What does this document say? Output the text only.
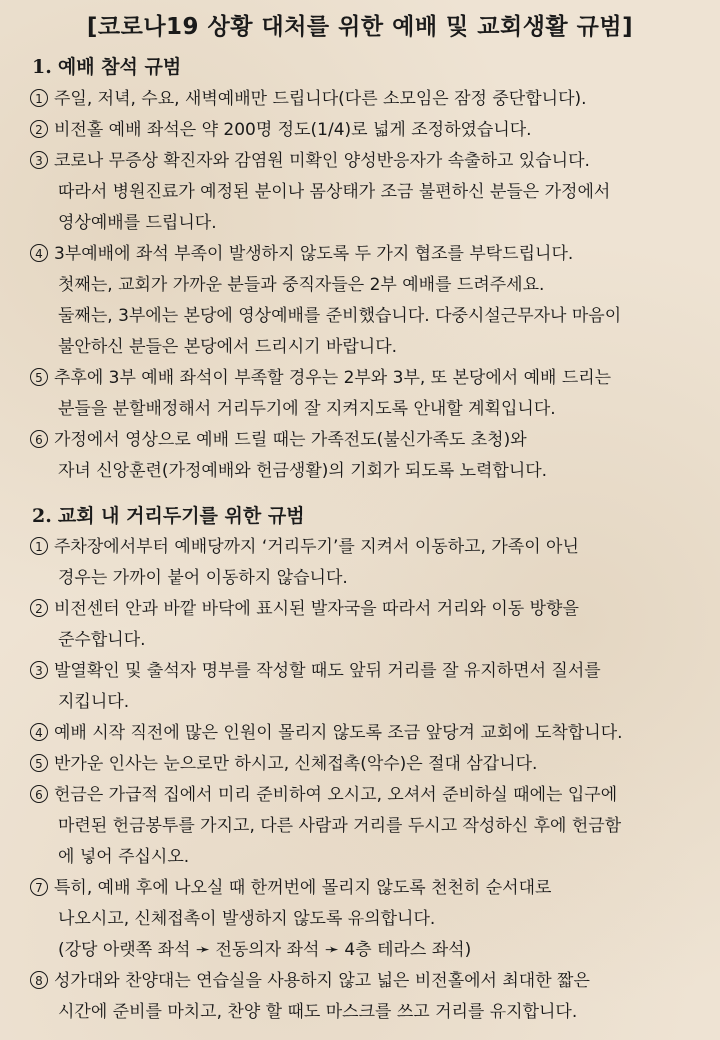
[코로나19 상황 대처를 위한 예배 및 교회생활 규범]
1. 예배 참석 규범
1 주일, 저녁, 수요, 새벽예배만 드립니다(다른 소모임은 잠정 중단합니다).
2 비전홀 예배 좌석은 약 200명 정도(1/4)로 넓게 조정하였습니다.
3 코로나 무증상 확진자와 감염원 미확인 양성반응자가 속출하고 있습니다.
따라서 병원진료가 예정된 분이나 몸상태가 조금 불편하신 분들은 가정에서
영상예배를 드립니다.
4 3부예배에 좌석 부족이 발생하지 않도록 두 가지 협조를 부탁드립니다.
첫째는, 교회가 가까운 분들과 중직자들은 2부 예배를 드려주세요.
둘째는, 3부에는 본당에 영상예배를 준비했습니다. 다중시설근무자나 마음이
불안하신 분들은 본당에서 드리시기 바랍니다.
5 추후에 3부 예배 좌석이 부족할 경우는 2부와 3부, 또 본당에서 예배 드리는
분들을 분할배정해서 거리두기에 잘 지켜지도록 안내할 계획입니다.
6 가정에서 영상으로 예배 드릴 때는 가족전도(불신가족도 초청)와
자녀 신앙훈련(가정예배와 헌금생활)의 기회가 되도록 노력합니다.
2. 교회 내 거리두기를 위한 규범
1 주차장에서부터 예배당까지 ‘거리두기’를 지켜서 이동하고, 가족이 아닌
경우는 가까이 붙어 이동하지 않습니다.
2 비전센터 안과 바깥 바닥에 표시된 발자국을 따라서 거리와 이동 방향을
준수합니다.
3 발열확인 및 출석자 명부를 작성할 때도 앞뒤 거리를 잘 유지하면서 질서를
지킵니다.
4 예배 시작 직전에 많은 인원이 몰리지 않도록 조금 앞당겨 교회에 도착합니다.
5 반가운 인사는 눈으로만 하시고, 신체접촉(악수)은 절대 삼갑니다.
6 헌금은 가급적 집에서 미리 준비하여 오시고, 오셔서 준비하실 때에는 입구에
마련된 헌금봉투를 가지고, 다른 사람과 거리를 두시고 작성하신 후에 헌금함
에 넣어 주십시오.
7 특히, 예배 후에 나오실 때 한꺼번에 몰리지 않도록 천천히 순서대로
나오시고, 신체접촉이 발생하지 않도록 유의합니다.
(강당 아랫쪽 좌석 ➛ 전동의자 좌석 ➛ 4층 테라스 좌석)
8 성가대와 찬양대는 연습실을 사용하지 않고 넓은 비전홀에서 최대한 짧은
시간에 준비를 마치고, 찬양 할 때도 마스크를 쓰고 거리를 유지합니다.
